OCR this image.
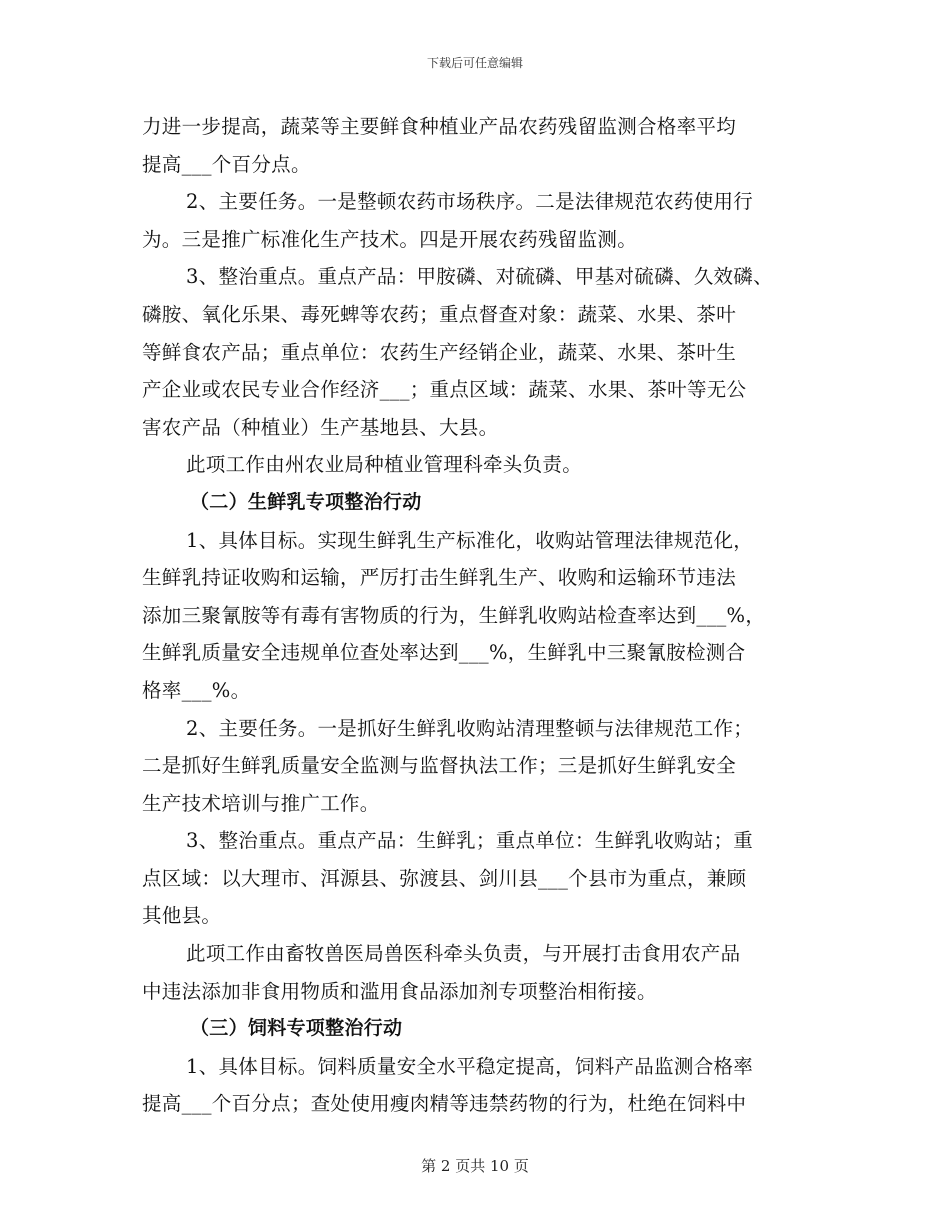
下载后可任意编辑
力进一步提高，蔬菜等主要鲜食种植业产品农药残留监测合格率平均
提高___个百分点。
2、主要任务。一是整顿农药市场秩序。二是法律规范农药使用行
为。三是推广标准化生产技术。四是开展农药残留监测。
3、整治重点。重点产品：甲胺磷、对硫磷、甲基对硫磷、久效磷、
磷胺、氧化乐果、毒死蜱等农药；重点督查对象：蔬菜、水果、茶叶
等鲜食农产品；重点单位：农药生产经销企业，蔬菜、水果、茶叶生
产企业或农民专业合作经济___；重点区域：蔬菜、水果、茶叶等无公
害农产品（种植业）生产基地县、大县。
此项工作由州农业局种植业管理科牵头负责。
（二）生鲜乳专项整治行动
1、具体目标。实现生鲜乳生产标准化，收购站管理法律规范化，
生鲜乳持证收购和运输，严厉打击生鲜乳生产、收购和运输环节违法
添加三聚氰胺等有毒有害物质的行为，生鲜乳收购站检查率达到___%，
生鲜乳质量安全违规单位查处率达到___%，生鲜乳中三聚氰胺检测合
格率___%。
2、主要任务。一是抓好生鲜乳收购站清理整顿与法律规范工作；
二是抓好生鲜乳质量安全监测与监督执法工作；三是抓好生鲜乳安全
生产技术培训与推广工作。
3、整治重点。重点产品：生鲜乳；重点单位：生鲜乳收购站；重
点区域：以大理市、洱源县、弥渡县、剑川县___个县市为重点，兼顾
其他县。
此项工作由畜牧兽医局兽医科牵头负责，与开展打击食用农产品
中违法添加非食用物质和滥用食品添加剂专项整治相衔接。
（三）饲料专项整治行动
1、具体目标。饲料质量安全水平稳定提高，饲料产品监测合格率
提高___个百分点；查处使用瘦肉精等违禁药物的行为，杜绝在饲料中
第 2 页共 10 页
